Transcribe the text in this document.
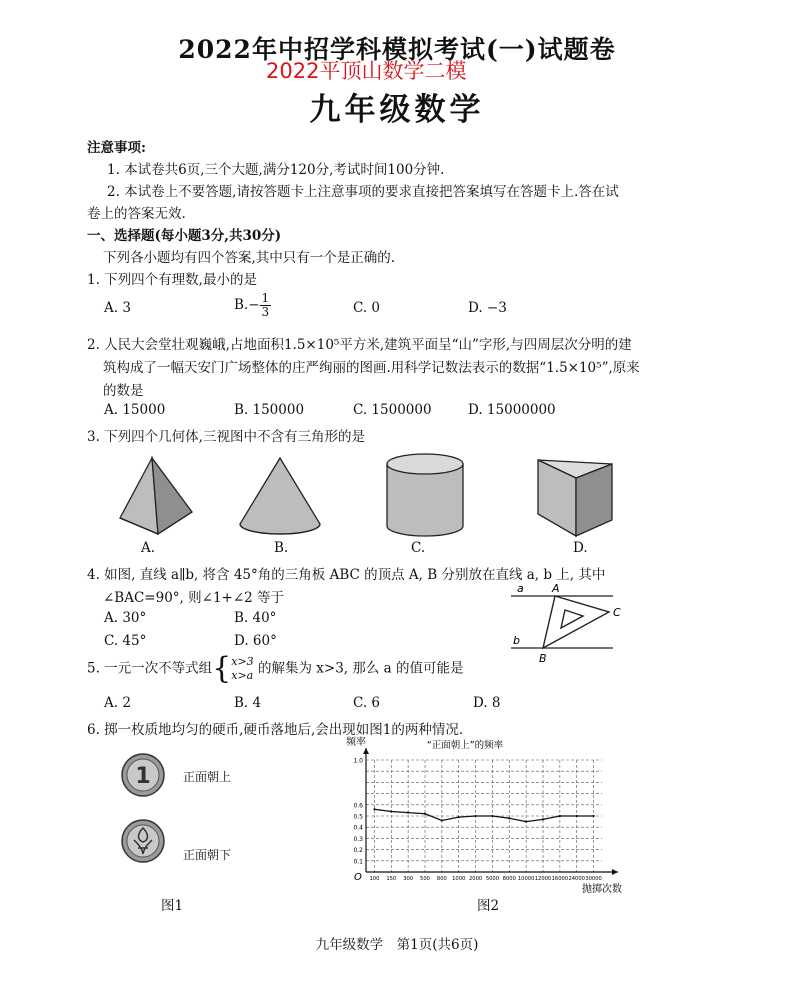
2022年中招学科模拟考试(一)试题卷
2022平顶山数学二模
九年级数学
注意事项:
1. 本试卷共6页,三个大题,满分120分,考试时间100分钟.
2. 本试卷上不要答题,请按答题卡上注意事项的要求直接把答案填写在答题卡上.答在试
卷上的答案无效.
一、选择题(每小题3分,共30分)
下列各小题均有四个答案,其中只有一个是正确的.
1. 下列四个有理数,最小的是
A. 3	$B.- \frac{1}{3}$	C. 0	D. −3
2. 人民大会堂壮观巍峨,占地面积1.5×10⁵平方米,建筑平面呈“山”字形,与四周层次分明的建
筑构成了一幅天安门广场整体的庄严绚丽的图画.用科学记数法表示的数据“1.5×10⁵”,原来
的数是
A. 15000	B. 150000	C. 1500000	D. 15000000
3. 下列四个几何体,三视图中不含有三角形的是
A.	B.	C.	D.
4. 如图, 直线 a∥b, 将含 45°角的三角板 ABC 的顶点 A, B 分别放在直线 a, b 上, 其中
∠BAC=90°, 则∠1+∠2 等于
A. 30°	B. 40°
C. 45°	D. 60°
a
b
A
B
C
5. 一元一次不等式组{ x>3
x>a 的解集为 x>3, 那么 a 的值可能是
A. 2	B. 4	C. 6	D. 8
6. 掷一枚质地均匀的硬币,硬币落地后,会出现如图1的两种情况.
1	正面朝上
正面朝下
图1	图2
0.1
0.2
0.3
0.4
0.5
0.6
1.0
100 150 300 500 800 1000 2000 5000 8000 10000 12000 16000 24000 30000
“正面朝上”的频率
频率
抛掷次数
O
九年级数学　第1页(共6页)
